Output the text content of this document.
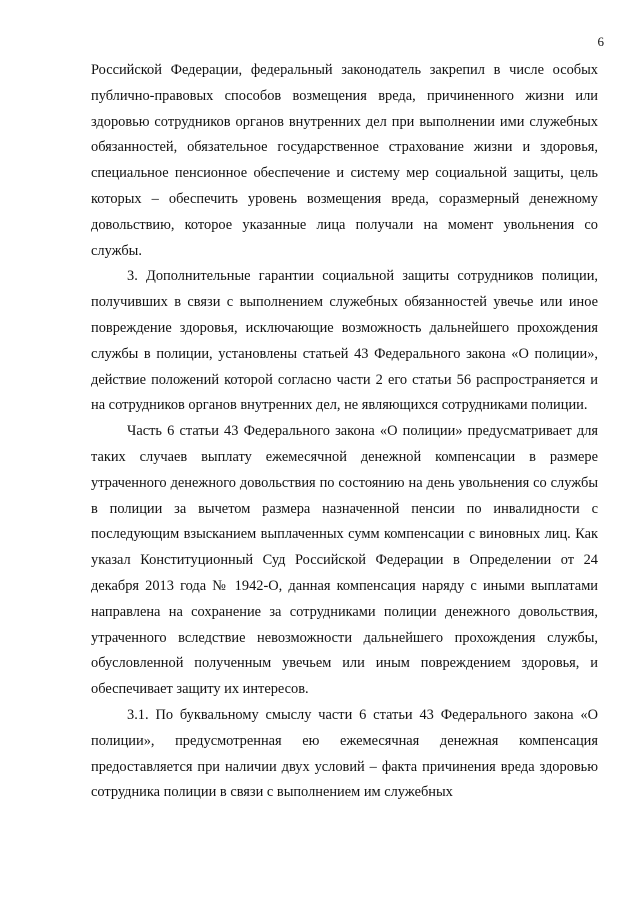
6

Российской Федерации, федеральный законодатель закрепил в числе особых публично-правовых способов возмещения вреда, причиненного жизни или здоровью сотрудников органов внутренних дел при выполнении ими служебных обязанностей, обязательное государственное страхование жизни и здоровья, специальное пенсионное обеспечение и систему мер социальной защиты, цель которых – обеспечить уровень возмещения вреда, соразмерный денежному довольствию, которое указанные лица получали на момент увольнения со службы.

3. Дополнительные гарантии социальной защиты сотрудников полиции, получивших в связи с выполнением служебных обязанностей увечье или иное повреждение здоровья, исключающие возможность дальнейшего прохождения службы в полиции, установлены статьей 43 Федерального закона «О полиции», действие положений которой согласно части 2 его статьи 56 распространяется и на сотрудников органов внутренних дел, не являющихся сотрудниками полиции.

Часть 6 статьи 43 Федерального закона «О полиции» предусматривает для таких случаев выплату ежемесячной денежной компенсации в размере утраченного денежного довольствия по состоянию на день увольнения со службы в полиции за вычетом размера назначенной пенсии по инвалидности с последующим взысканием выплаченных сумм компенсации с виновных лиц. Как указал Конституционный Суд Российской Федерации в Определении от 24 декабря 2013 года № 1942-О, данная компенсация наряду с иными выплатами направлена на сохранение за сотрудниками полиции денежного довольствия, утраченного вследствие невозможности дальнейшего прохождения службы, обусловленной полученным увечьем или иным повреждением здоровья, и обеспечивает защиту их интересов.

3.1. По буквальному смыслу части 6 статьи 43 Федерального закона «О полиции», предусмотренная ею ежемесячная денежная компенсация предоставляется при наличии двух условий – факта причинения вреда здоровью сотрудника полиции в связи с выполнением им служебных
